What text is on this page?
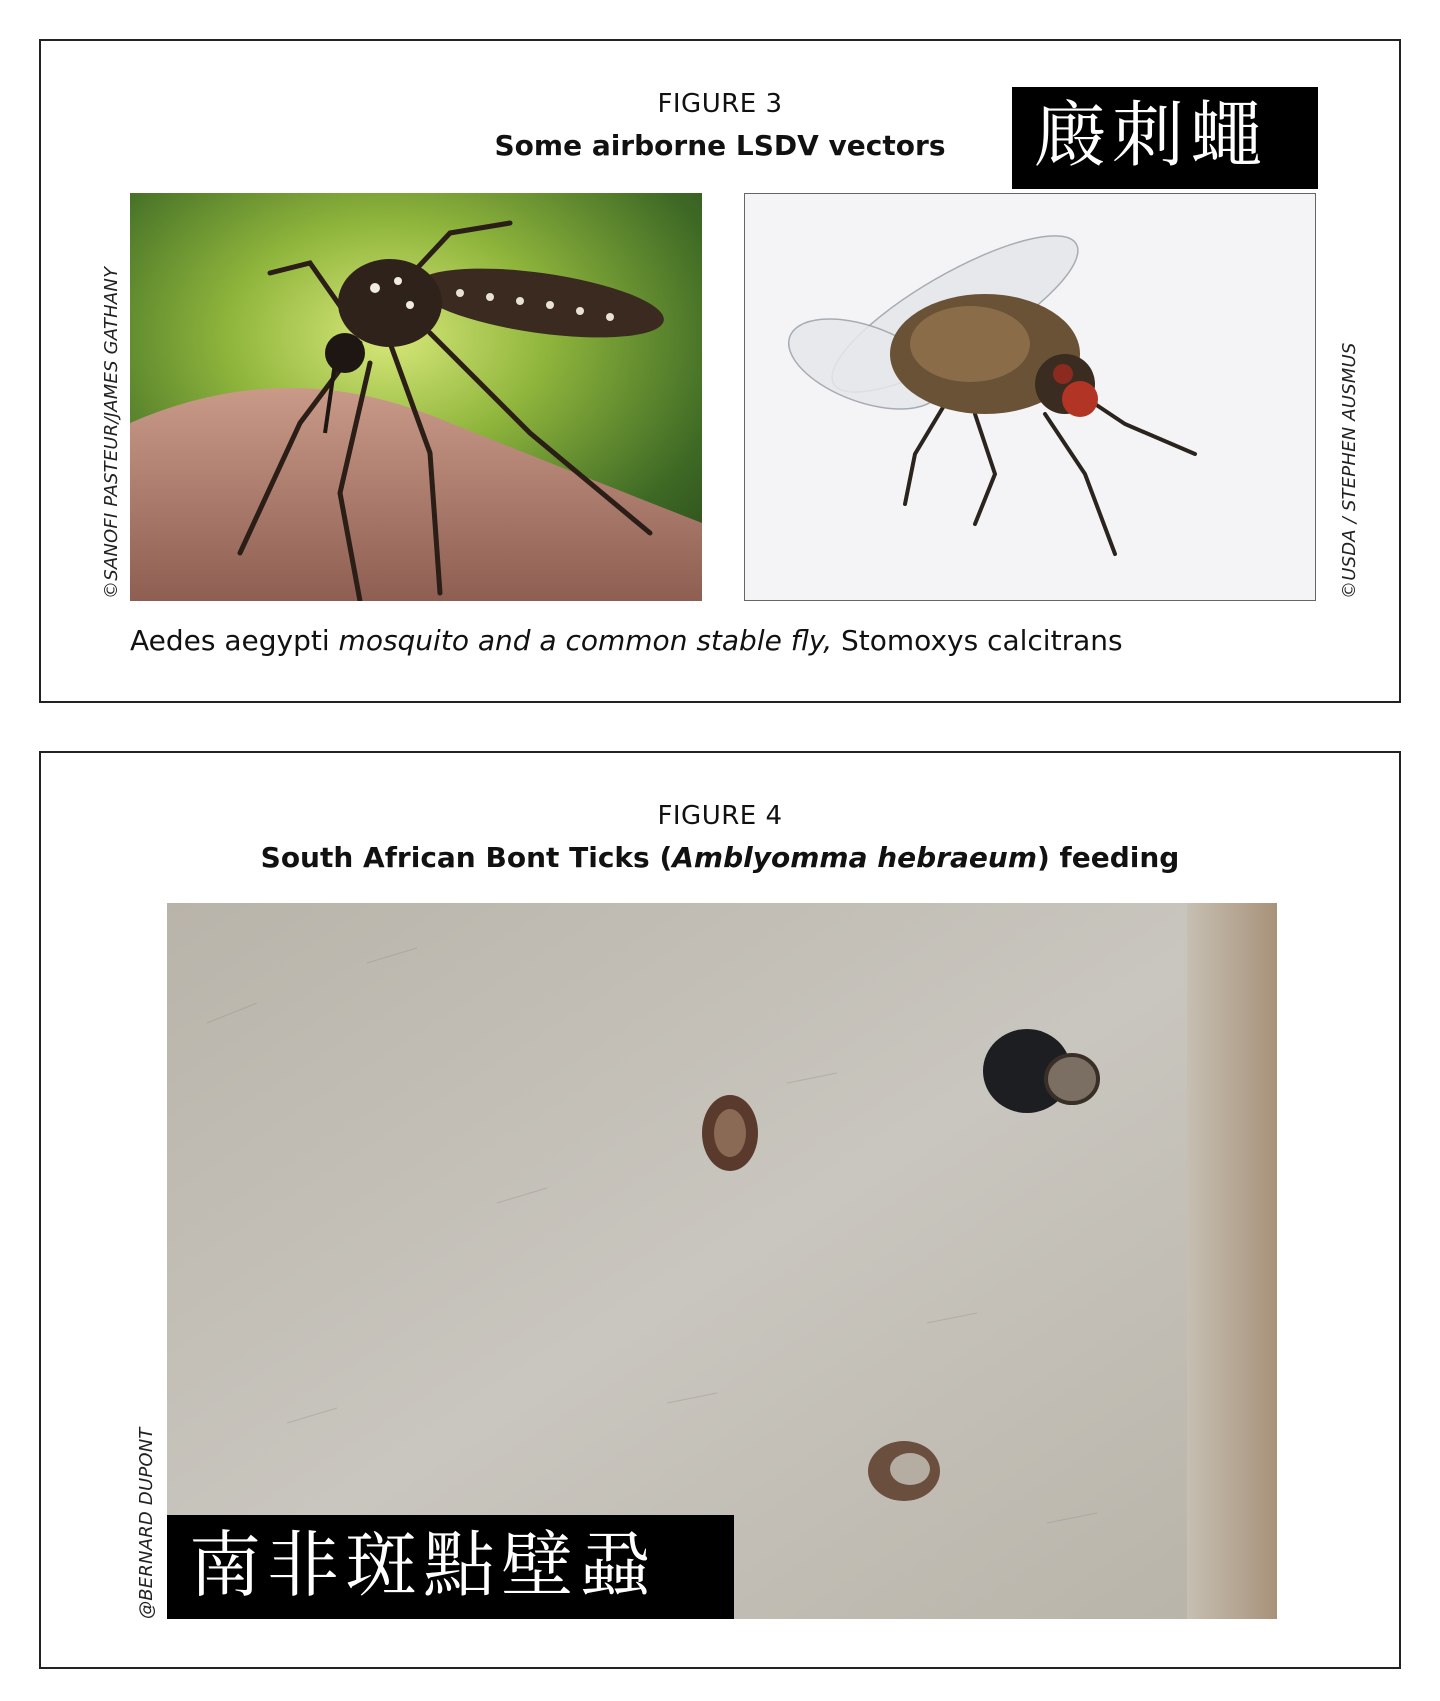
FIGURE 3
Some airborne LSDV vectors	廄刺蠅
©SANOFI PASTEUR/JAMES GATHANY	©USDA / STEPHEN AUSMUS
Aedes aegypti mosquito and a common stable fly, Stomoxys calcitrans
FIGURE 4
South African Bont Ticks (Amblyomma hebraeum) feeding
南非斑點壁蝨
@BERNARD DUPONT
